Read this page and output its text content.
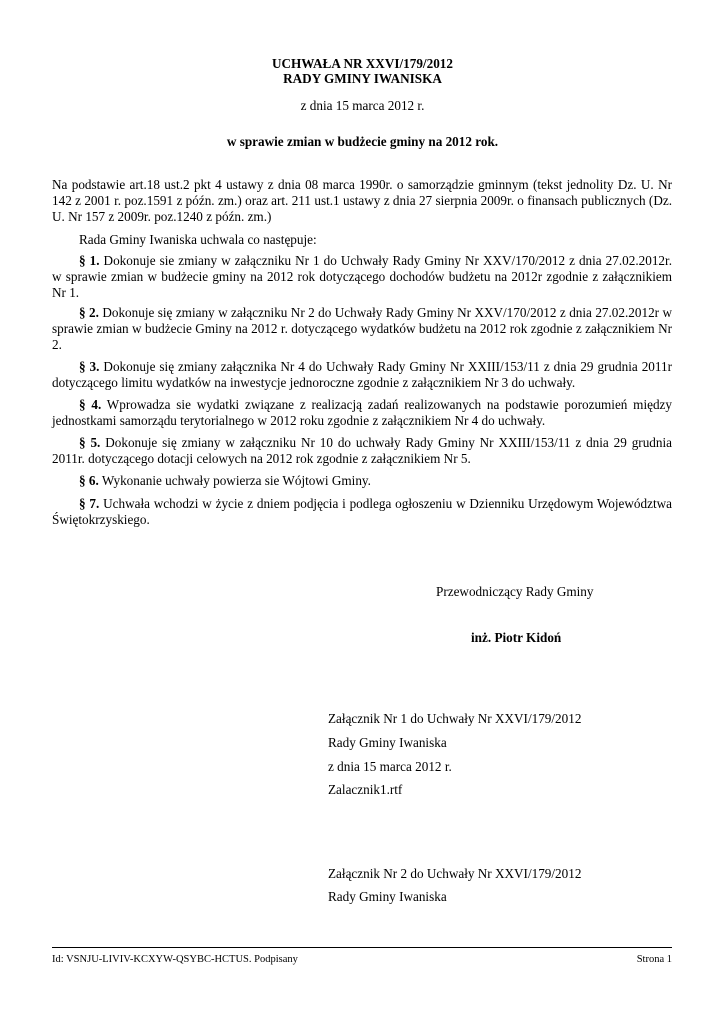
UCHWAŁA NR XXVI/179/2012
RADY GMINY IWANISKA
z dnia 15 marca 2012 r.
w sprawie zmian w budżecie gminy na 2012 rok.
Na podstawie art.18 ust.2 pkt 4 ustawy z dnia 08 marca 1990r. o samorządzie gminnym (tekst jednolity Dz. U. Nr 142 z 2001 r. poz.1591 z późn. zm.) oraz art. 211 ust.1 ustawy z dnia 27 sierpnia 2009r. o finansach publicznych (Dz. U. Nr 157 z 2009r. poz.1240 z późn. zm.)
Rada Gminy Iwaniska uchwala co następuje:
§ 1. Dokonuje sie zmiany w załączniku Nr 1 do Uchwały Rady Gminy Nr XXV/170/2012 z dnia 27.02.2012r. w sprawie zmian w budżecie gminy na 2012 rok dotyczącego dochodów budżetu na 2012r zgodnie z załącznikiem Nr 1.
§ 2. Dokonuje się zmiany w załączniku Nr 2 do Uchwały Rady Gminy Nr XXV/170/2012 z dnia 27.02.2012r w sprawie zmian w budżecie Gminy na 2012 r. dotyczącego wydatków budżetu na 2012 rok zgodnie z załącznikiem Nr 2.
§ 3. Dokonuje się zmiany załącznika Nr 4 do Uchwały Rady Gminy Nr XXIII/153/11 z dnia 29 grudnia 2011r dotyczącego limitu wydatków na inwestycje jednoroczne zgodnie z załącznikiem Nr 3 do uchwały.
§ 4. Wprowadza sie wydatki związane z realizacją zadań realizowanych na podstawie porozumień między jednostkami samorządu terytorialnego w 2012 roku zgodnie z załącznikiem Nr 4 do uchwały.
§ 5. Dokonuje się zmiany w załączniku Nr 10 do uchwały Rady Gminy Nr XXIII/153/11 z dnia 29 grudnia 2011r. dotyczącego dotacji celowych na 2012 rok zgodnie z załącznikiem Nr 5.
§ 6. Wykonanie uchwały powierza sie Wójtowi Gminy.
§ 7. Uchwała wchodzi w życie z dniem podjęcia i podlega ogłoszeniu w Dzienniku Urzędowym Województwa Świętokrzyskiego.
Przewodniczący Rady Gminy
inż. Piotr Kidoń
Załącznik Nr 1 do Uchwały Nr XXVI/179/2012
Rady Gminy Iwaniska
z dnia 15 marca 2012 r.
Zalacznik1.rtf
Załącznik Nr 2 do Uchwały Nr XXVI/179/2012
Rady Gminy Iwaniska
Id: VSNJU-LIVIV-KCXYW-QSYBC-HCTUS. Podpisany	Strona 1
